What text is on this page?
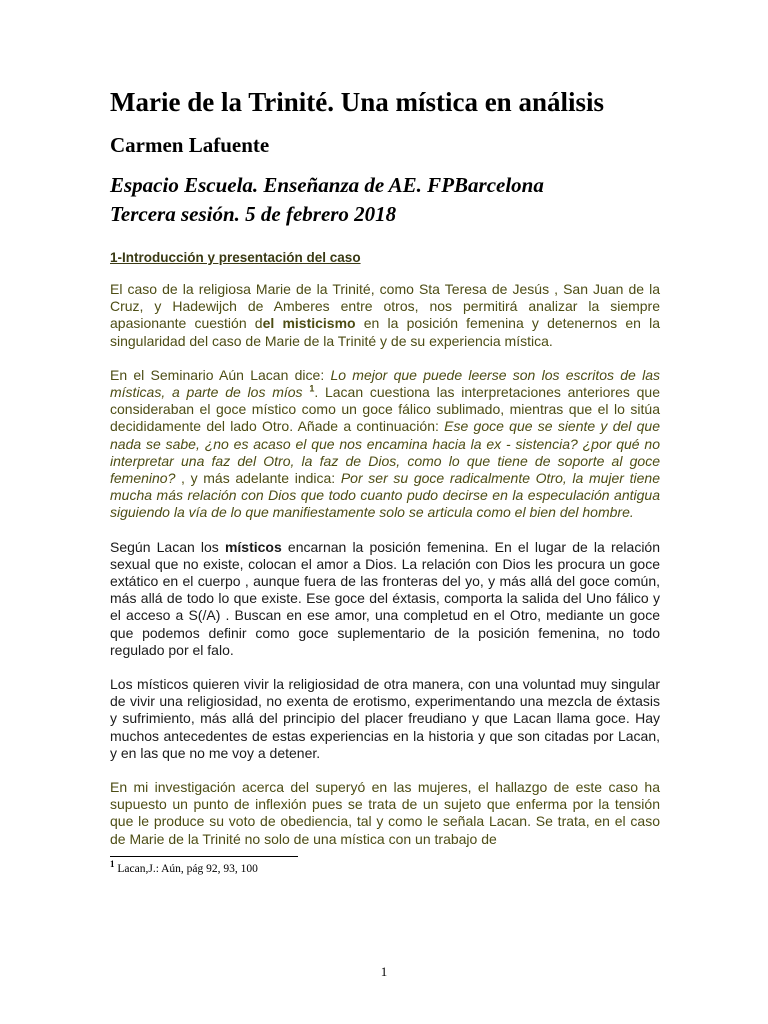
Marie de la Trinité. Una mística en análisis
Carmen Lafuente
Espacio Escuela. Enseñanza de AE. FPBarcelona
Tercera sesión. 5 de febrero 2018
1-Introducción y presentación del caso

El caso de la religiosa Marie de la Trinité, como Sta Teresa de Jesús , San Juan de la Cruz, y Hadewijch de Amberes entre otros, nos permitirá analizar la siempre apasionante cuestión del misticismo en la posición femenina y detenernos en la singularidad del caso de Marie de la Trinité y de su experiencia mística.

En el Seminario Aún Lacan dice: Lo mejor que puede leerse son los escritos de las místicas, a parte de los míos $^1$. Lacan cuestiona las interpretaciones anteriores que consideraban el goce místico como un goce fálico sublimado, mientras que el lo sitúa decididamente del lado Otro. Añade a continuación: Ese goce que se siente y del que nada se sabe, ¿no es acaso el que nos encamina hacia la ex - sistencia? ¿por qué no interpretar una faz del Otro, la faz de Dios, como lo que tiene de soporte al goce femenino? , y más adelante indica: Por ser su goce radicalmente Otro, la mujer tiene mucha más relación con Dios que todo cuanto pudo decirse en la especulación antigua siguiendo la vía de lo que manifiestamente solo se articula como el bien del hombre.

Según Lacan los místicos encarnan la posición femenina. En el lugar de la relación sexual que no existe, colocan el amor a Dios. La relación con Dios les procura un goce extático en el cuerpo , aunque fuera de las fronteras del yo, y más allá del goce común, más allá de todo lo que existe. Ese goce del éxtasis, comporta la salida del Uno fálico y el acceso a S(/A) . Buscan en ese amor, una completud en el Otro, mediante un goce que podemos definir como goce suplementario de la posición femenina, no todo regulado por el falo.

Los místicos quieren vivir la religiosidad de otra manera, con una voluntad muy singular de vivir una religiosidad, no exenta de erotismo, experimentando una mezcla de éxtasis y sufrimiento, más allá del principio del placer freudiano y que Lacan llama goce. Hay muchos antecedentes de estas experiencias en la historia y que son citadas por Lacan, y en las que no me voy a detener.

En mi investigación acerca del superyó en las mujeres, el hallazgo de este caso ha supuesto un punto de inflexión pues se trata de un sujeto que enferma por la tensión que le produce su voto de obediencia, tal y como le señala Lacan. Se trata, en el caso de Marie de la Trinité no solo de una mística con un trabajo de

$^1$ Lacan,J.: Aún, pág 92, 93, 100
1
